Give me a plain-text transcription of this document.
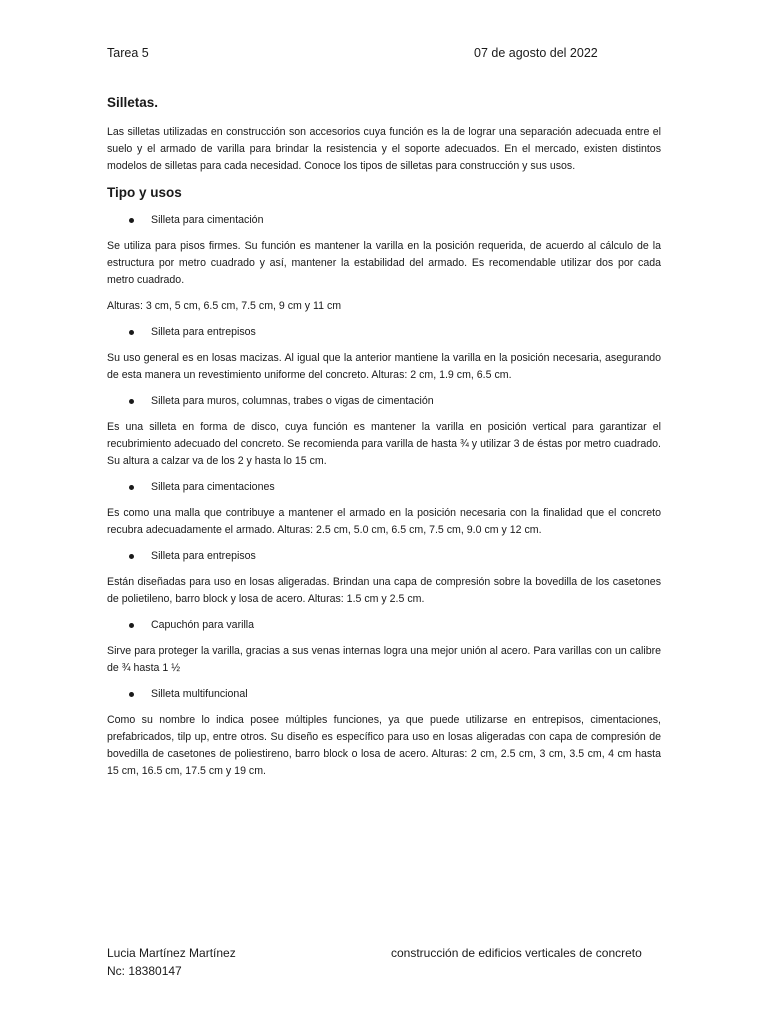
Tarea 5	07 de agosto del 2022
Silletas.
Las silletas utilizadas en construcción son accesorios cuya función es la de lograr una separación adecuada entre el suelo y el armado de varilla para brindar la resistencia y el soporte adecuados. En el mercado, existen distintos modelos de silletas para cada necesidad. Conoce los tipos de silletas para construcción y sus usos.
Tipo y usos
Silleta para cimentación
Se utiliza para pisos firmes. Su función es mantener la varilla en la posición requerida, de acuerdo al cálculo de la estructura por metro cuadrado y así, mantener la estabilidad del armado. Es recomendable utilizar dos por cada metro cuadrado.
Alturas: 3 cm, 5 cm, 6.5 cm, 7.5 cm, 9 cm y 11 cm
Silleta para entrepisos
Su uso general es en losas macizas. Al igual que la anterior mantiene la varilla en la posición necesaria, asegurando de esta manera un revestimiento uniforme del concreto. Alturas: 2 cm, 1.9 cm, 6.5 cm.
Silleta para muros, columnas, trabes o vigas de cimentación
Es una silleta en forma de disco, cuya función es mantener la varilla en posición vertical para garantizar el recubrimiento adecuado del concreto. Se recomienda para varilla de hasta ¾ y utilizar 3 de éstas por metro cuadrado. Su altura a calzar va de los 2 y hasta lo 15 cm.
Silleta para cimentaciones
Es como una malla que contribuye a mantener el armado en la posición necesaria con la finalidad que el concreto recubra adecuadamente el armado. Alturas: 2.5 cm, 5.0 cm, 6.5 cm, 7.5 cm, 9.0 cm y 12 cm.
Silleta para entrepisos
Están diseñadas para uso en losas aligeradas. Brindan una capa de compresión sobre la bovedilla de los casetones de polietileno, barro block y losa de acero. Alturas: 1.5 cm y 2.5 cm.
Capuchón para varilla
Sirve para proteger la varilla, gracias a sus venas internas logra una mejor unión al acero. Para varillas con un calibre de ¾ hasta 1 ½
Silleta multifuncional
Como su nombre lo indica posee múltiples funciones, ya que puede utilizarse en entrepisos, cimentaciones, prefabricados, tilp up, entre otros. Su diseño es específico para uso en losas aligeradas con capa de compresión de bovedilla de casetones de poliestireno, barro block o losa de acero. Alturas: 2 cm, 2.5 cm, 3 cm, 3.5 cm, 4 cm hasta 15 cm, 16.5 cm, 17.5 cm y 19 cm.
Lucia Martínez Martínez
Nc: 18380147
construcción de edificios verticales de concreto
